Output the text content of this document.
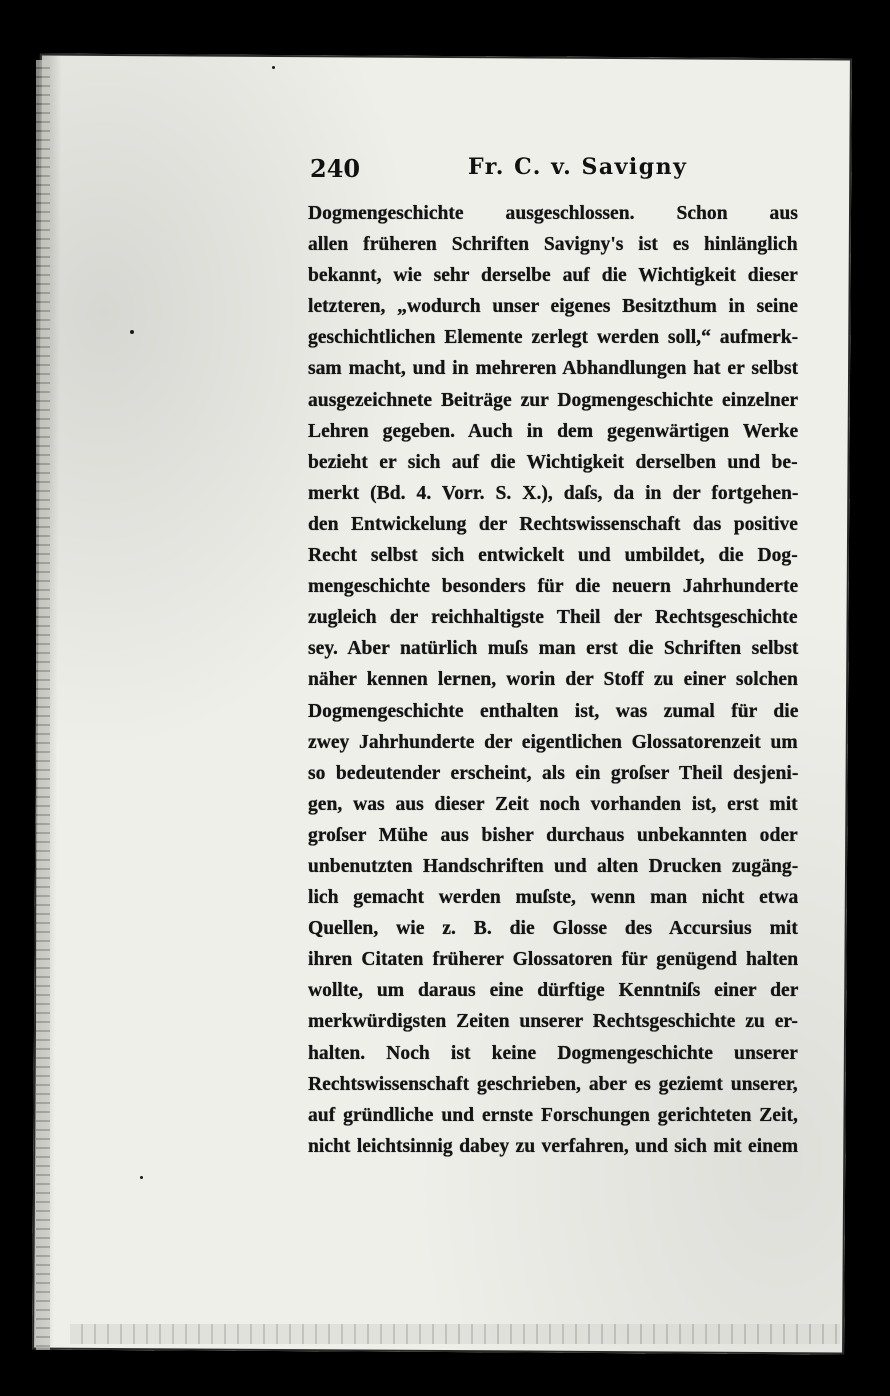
240	Fr. C. v. Savigny
Dogmengeschichte ausgeschlossen. Schon aus
allen früheren Schriften Savigny's ist es hinlänglich
bekannt, wie sehr derselbe auf die Wichtigkeit dieser
letzteren, „wodurch unser eigenes Besitzthum in seine
geschichtlichen Elemente zerlegt werden soll,“ aufmerk-
sam macht, und in mehreren Abhandlungen hat er selbst
ausgezeichnete Beiträge zur Dogmengeschichte einzelner
Lehren gegeben. Auch in dem gegenwärtigen Werke
bezieht er sich auf die Wichtigkeit derselben und be-
merkt (Bd. 4. Vorr. S. X.), daſs, da in der fortgehen-
den Entwickelung der Rechtswissenschaft das positive
Recht selbst sich entwickelt und umbildet, die Dog-
mengeschichte besonders für die neuern Jahrhunderte
zugleich der reichhaltigste Theil der Rechtsgeschichte
sey. Aber natürlich muſs man erst die Schriften selbst
näher kennen lernen, worin der Stoff zu einer solchen
Dogmengeschichte enthalten ist, was zumal für die
zwey Jahrhunderte der eigentlichen Glossatorenzeit um
so bedeutender erscheint, als ein groſser Theil desjeni-
gen, was aus dieser Zeit noch vorhanden ist, erst mit
groſser Mühe aus bisher durchaus unbekannten oder
unbenutzten Handschriften und alten Drucken zugäng-
lich gemacht werden muſste, wenn man nicht etwa
Quellen, wie z. B. die Glosse des Accursius mit
ihren Citaten früherer Glossatoren für genügend halten
wollte, um daraus eine dürftige Kenntniſs einer der
merkwürdigsten Zeiten unserer Rechtsgeschichte zu er-
halten. Noch ist keine Dogmengeschichte unserer
Rechtswissenschaft geschrieben, aber es geziemt unserer,
auf gründliche und ernste Forschungen gerichteten Zeit,
nicht leichtsinnig dabey zu verfahren, und sich mit einem
